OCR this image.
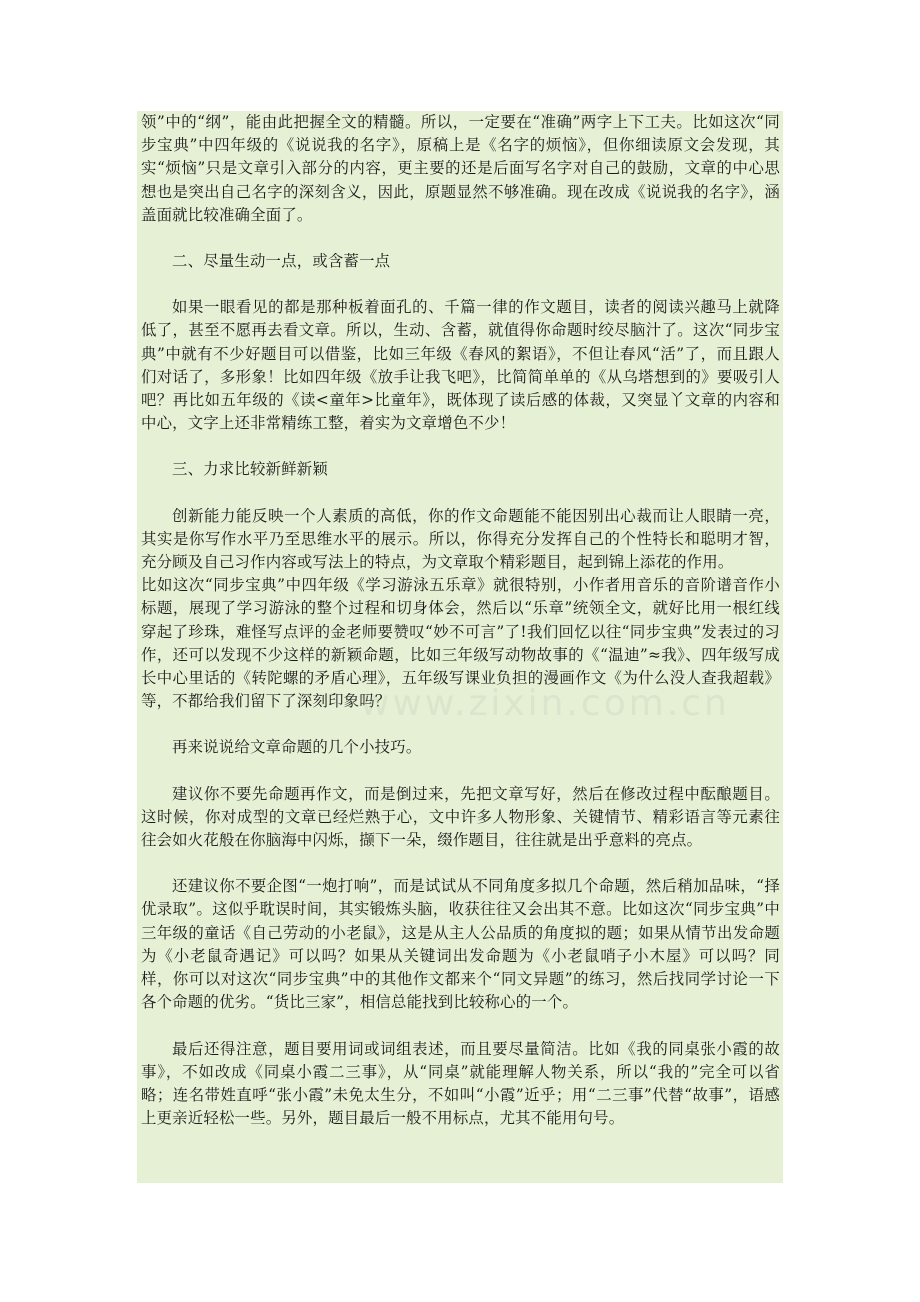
领”中的“纲”，能由此把握全文的精髓。所以，一定要在“准确”两字上下工夫。比如这次“同步宝典”中四年级的《说说我的名字》，原稿上是《名字的烦恼》，但你细读原文会发现，其实“烦恼”只是文章引入部分的内容，更主要的还是后面写名字对自己的鼓励，文章的中心思想也是突出自己名字的深刻含义，因此，原题显然不够准确。现在改成《说说我的名字》，涵盖面就比较准确全面了。

二、尽量生动一点，或含蓄一点

如果一眼看见的都是那种板着面孔的、千篇一律的作文题目，读者的阅读兴趣马上就降低了，甚至不愿再去看文章。所以，生动、含蓄，就值得你命题时绞尽脑汁了。这次“同步宝典”中就有不少好题目可以借鉴，比如三年级《春风的絮语》，不但让春风“活”了，而且跟人们对话了，多形象！比如四年级《放手让我飞吧》，比简简单单的《从乌塔想到的》要吸引人吧？再比如五年级的《读<童年>比童年》，既体现了读后感的体裁，又突显丫文章的内容和中心，文字上还非常精练工整，着实为文章增色不少！

三、力求比较新鲜新颖

创新能力能反映一个人素质的高低，你的作文命题能不能因别出心裁而让人眼睛一亮，其实是你写作水平乃至思维水平的展示。所以，你得充分发挥自己的个性特长和聪明才智，充分顾及自己习作内容或写法上的特点，为文章取个精彩题目，起到锦上添花的作用。

比如这次“同步宝典”中四年级《学习游泳五乐章》就很特别，小作者用音乐的音阶谱音作小标题，展现了学习游泳的整个过程和切身体会，然后以“乐章”统领全文，就好比用一根红线穿起了珍珠，难怪写点评的金老师要赞叹“妙不可言”了!我们回忆以往“同步宝典”发表过的习作，还可以发现不少这样的新颖命题，比如三年级写动物故事的《“温迪”≈我》、四年级写成长中心里话的《转陀螺的矛盾心理》，五年级写课业负担的漫画作文《为什么没人查我超载》等，不都给我们留下了深刻印象吗？

再来说说给文章命题的几个小技巧。

建议你不要先命题再作文，而是倒过来，先把文章写好，然后在修改过程中酝酿题目。这时候，你对成型的文章已经烂熟于心，文中许多人物形象、关键情节、精彩语言等元素往往会如火花般在你脑海中闪烁，撷下一朵，缀作题目，往往就是出乎意料的亮点。

还建议你不要企图“一炮打响”，而是试试从不同角度多拟几个命题，然后稍加品味，“择优录取”。这似乎耽误时间，其实锻炼头脑，收获往往又会出其不意。比如这次“同步宝典”中三年级的童话《自己劳动的小老鼠》，这是从主人公品质的角度拟的题；如果从情节出发命题为《小老鼠奇遇记》可以吗？如果从关键词出发命题为《小老鼠哨子小木屋》可以吗？同样，你可以对这次“同步宝典”中的其他作文都来个“同文异题”的练习，然后找同学讨论一下各个命题的优劣。“货比三家”，相信总能找到比较称心的一个。

最后还得注意，题目要用词或词组表述，而且要尽量简洁。比如《我的同桌张小霞的故事》，不如改成《同桌小霞二三事》，从“同桌”就能理解人物关系，所以“我的”完全可以省略；连名带姓直呼“张小霞”未免太生分，不如叫“小霞”近乎；用“二三事”代替“故事”，语感上更亲近轻松一些。另外，题目最后一般不用标点，尤其不能用句号。
